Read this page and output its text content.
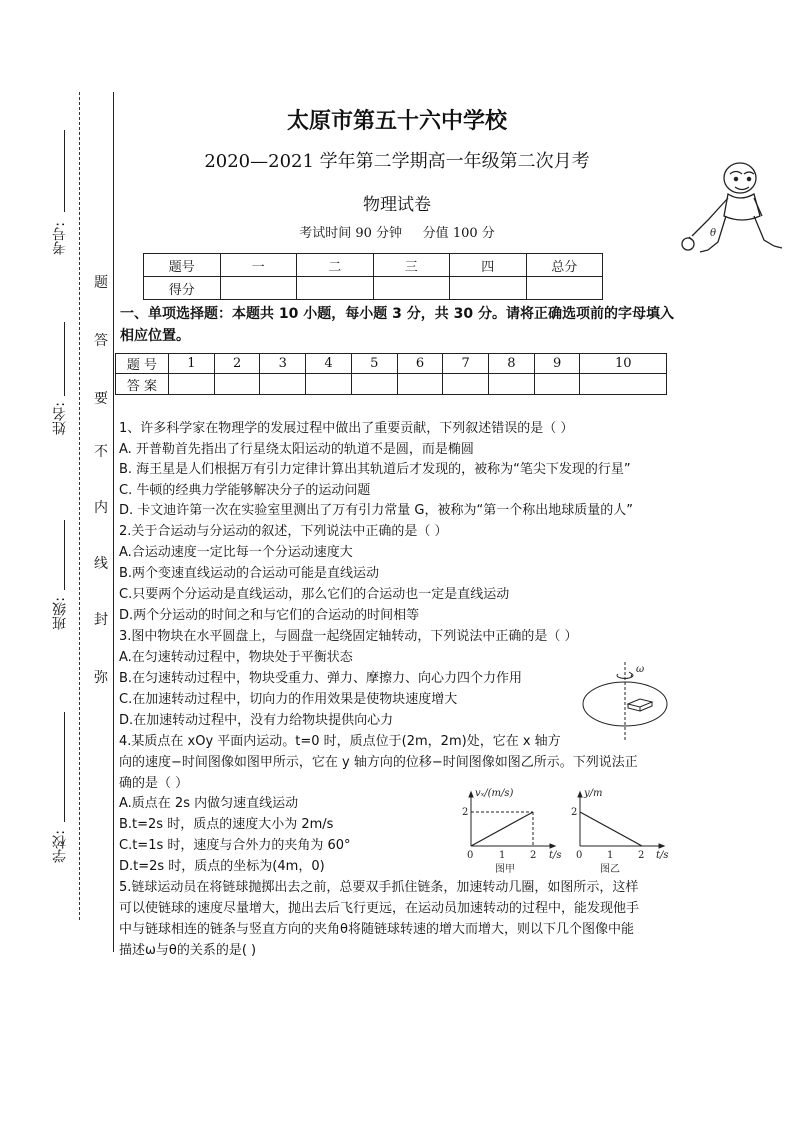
考号:
姓名:
班级:
学校:
题
答
要
不
内
线
封
弥
太原市第五十六中学校
2020—2021 学年第二学期高一年级第二次月考
物理试卷
考试时间 90 分钟     分值 100 分	θ
题号	一	二	三	四	总分
得分					
一、单项选择题：本题共 10 小题，每小题 3 分，共 30 分。请将正确选项前的字母填入相应位置。
题 号	1	2	3	4	5	6	7	8	9	10
答 案										
1、许多科学家在物理学的发展过程中做出了重要贡献，下列叙述错误的是（ ）
A. 开普勒首先指出了行星绕太阳运动的轨道不是圆，而是椭圆
B. 海王星是人们根据万有引力定律计算出其轨道后才发现的，被称为“笔尖下发现的行星”
C. 牛顿的经典力学能够解决分子的运动问题
D. 卡文迪许第一次在实验室里测出了万有引力常量 G，被称为“第一个称出地球质量的人”
2.关于合运动与分运动的叙述，下列说法中正确的是（ ）
A.合运动速度一定比每一个分运动速度大
B.两个变速直线运动的合运动可能是直线运动
C.只要两个分运动是直线运动，那么它们的合运动也一定是直线运动
D.两个分运动的时间之和与它们的合运动的时间相等
3.图中物块在水平圆盘上，与圆盘一起绕固定轴转动，下列说法中正确的是（ ）
A.在匀速转动过程中，物块处于平衡状态
B.在匀速转动过程中，物块受重力、弹力、摩擦力、向心力四个力作用
C.在加速转动过程中，切向力的作用效果是使物块速度增大
D.在加速转动过程中，没有力给物块提供向心力
ω
4.某质点在 xOy 平面内运动。t=0 时，质点位于(2m，2m)处，它在 x 轴方
向的速度−时间图像如图甲所示，它在 y 轴方向的位移−时间图像如图乙所示。下列说法正
确的是（ ）
A.质点在 2s 内做匀速直线运动
B.t=2s 时，质点的速度大小为 2m/s
C.t=1s 时，速度与合外力的夹角为 60°
D.t=2s 时，质点的坐标为(4m，0)
vₓ/(m/s)
2
0	1 2 t/s
图甲
y/m
2
0 1 2 t/s
图乙
5.链球运动员在将链球抛掷出去之前，总要双手抓住链条，加速转动几圈，如图所示，这样
可以使链球的速度尽量增大，抛出去后飞行更远，在运动员加速转动的过程中，能发现他手
中与链球相连的链条与竖直方向的夹角θ将随链球转速的增大而增大，则以下几个图像中能
描述ω与θ的关系的是( )
